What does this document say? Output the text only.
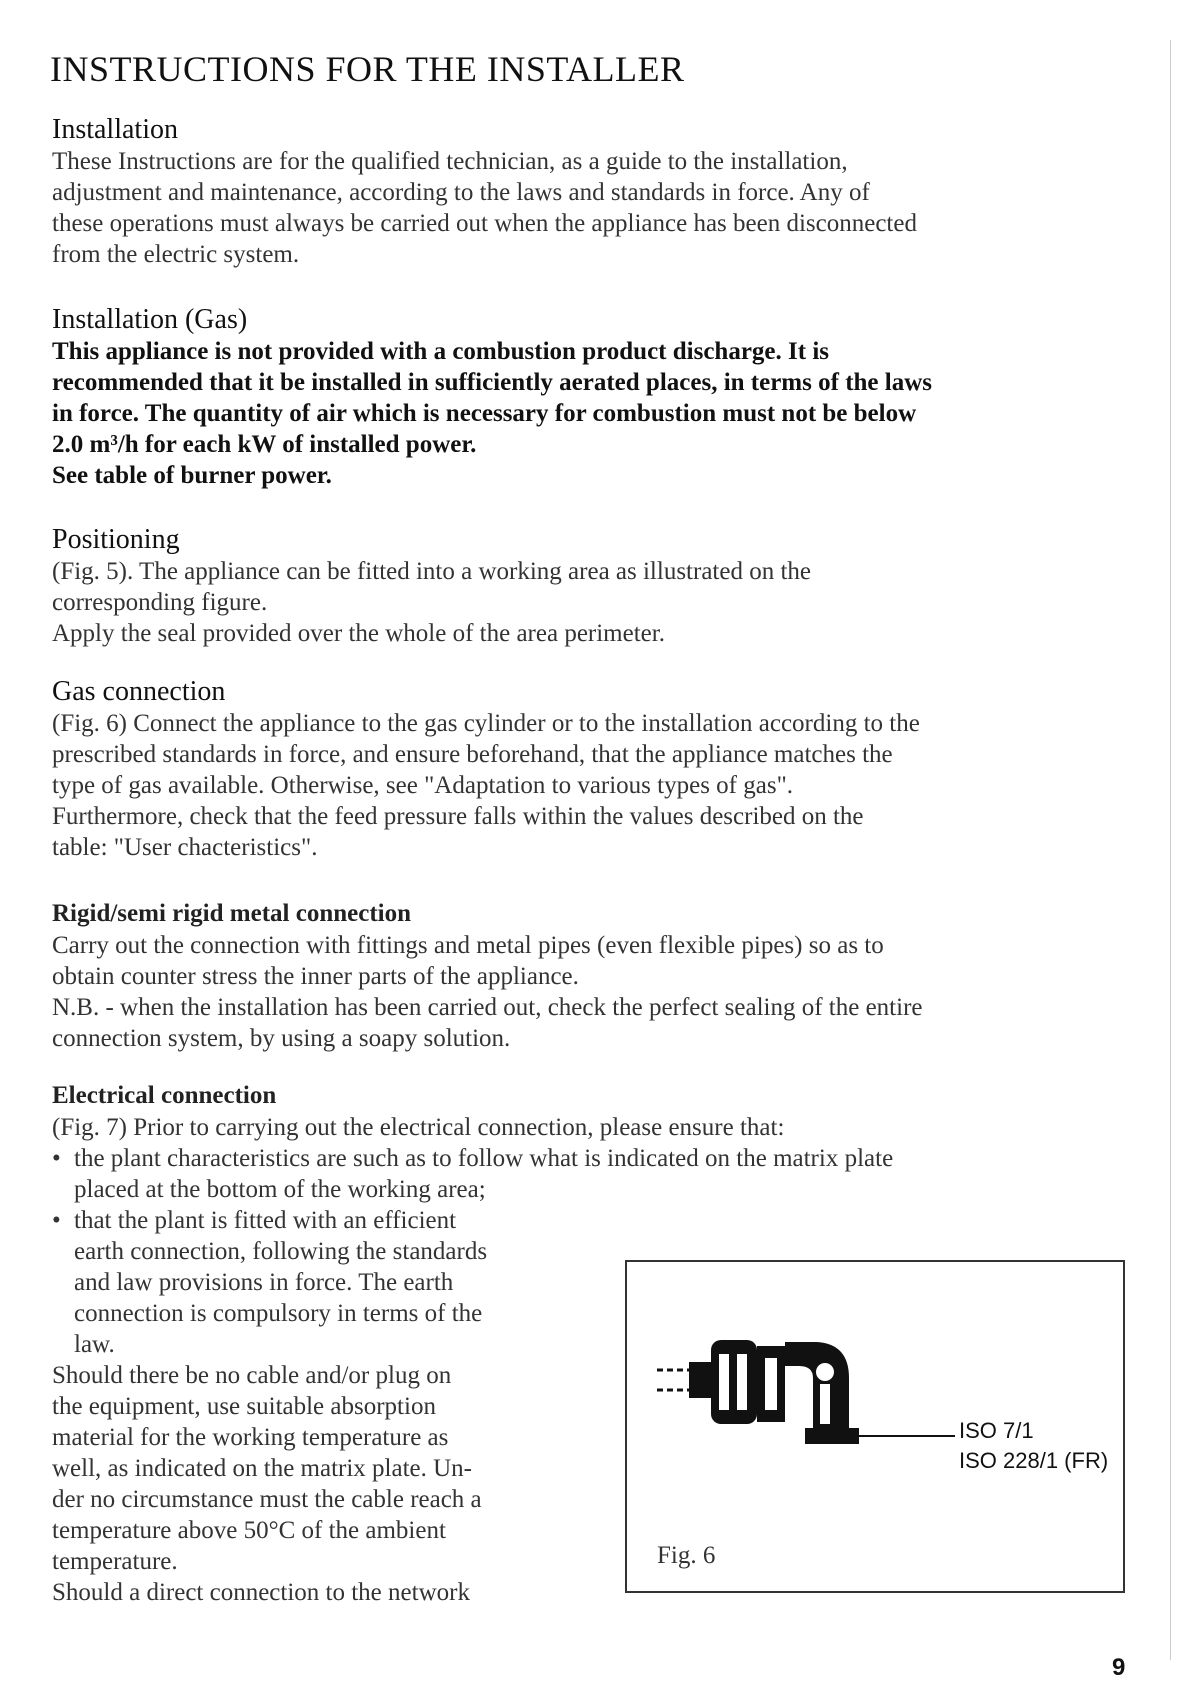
INSTRUCTIONS FOR THE INSTALLER
Installation

These Instructions are for the qualified technician, as a guide to the installation,
adjustment and maintenance, according to the laws and standards in force. Any of
these operations must always be carried out when the appliance has been disconnected
from the electric system.

Installation (Gas)

This appliance is not provided with a combustion product discharge. It is
recommended that it be installed in sufficiently aerated places, in terms of the laws
in force. The quantity of air which is necessary for combustion must not be below
2.0 m³/h for each kW of installed power.
See table of burner power.

Positioning

(Fig. 5). The appliance can be fitted into a working area as illustrated on the
corresponding figure.
Apply the seal provided over the whole of the area perimeter.

Gas connection

(Fig. 6) Connect the appliance to the gas cylinder or to the installation according to the
prescribed standards in force, and ensure beforehand, that the appliance matches the
type of gas available. Otherwise, see "Adaptation to various types of gas".
Furthermore, check that the feed pressure falls within the values described on the
table: "User chacteristics".

Rigid/semi rigid metal connection

Carry out the connection with fittings and metal pipes (even flexible pipes) so as to
obtain counter stress the inner parts of the appliance.
N.B. - when the installation has been carried out, check the perfect sealing of the entire
connection system, by using a soapy solution.

Electrical connection

(Fig. 7) Prior to carrying out the electrical connection, please ensure that:
• the plant characteristics are such as to follow what is indicated on the matrix plate
placed at the bottom of the working area;
• that the plant is fitted with an efficient
earth connection, following the standards
and law provisions in force. The earth
connection is compulsory in terms of the
law.
Should there be no cable and/or plug on
the equipment, use suitable absorption
material for the working temperature as
well, as indicated on the matrix plate. Un-
der no circumstance must the cable reach a
temperature above 50°C of the ambient
temperature.
Should a direct connection to the network

ISO 7/1
ISO 228/1 (FR)
Fig. 6
9
